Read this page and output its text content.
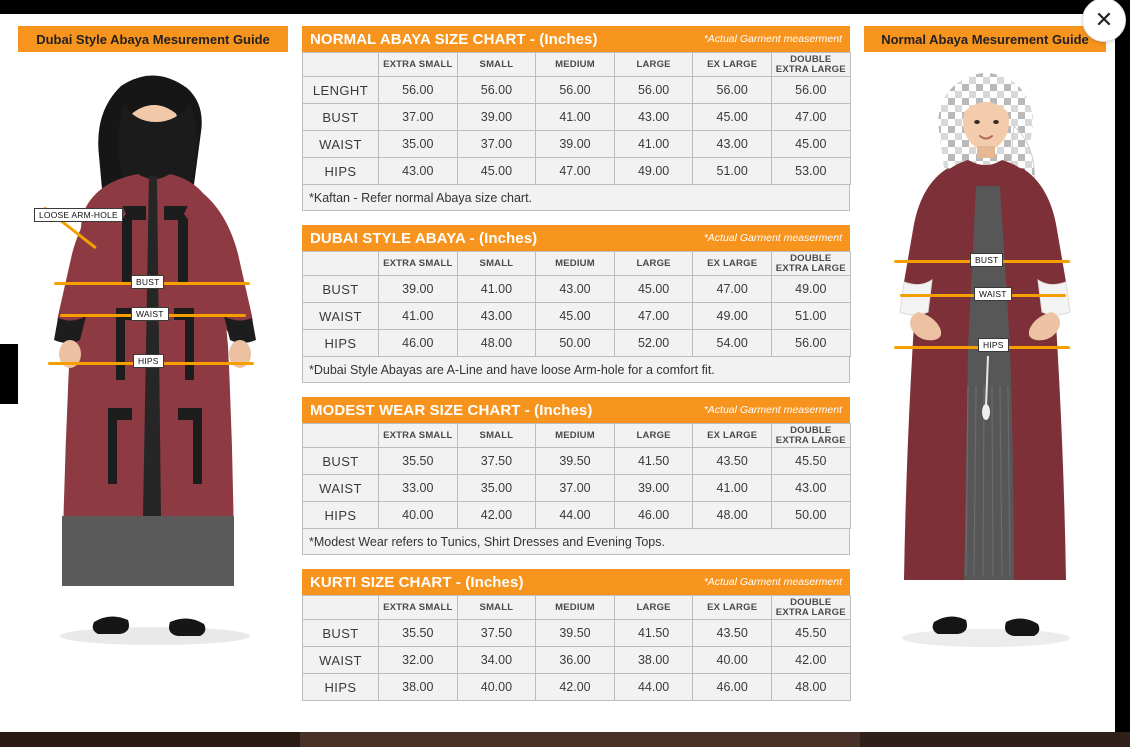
Dubai Style Abaya Mesurement Guide
LOOSE ARM-HOLE
BUST
WAIST
HIPS
NORMAL ABAYA SIZE CHART - (Inches)	*Actual Garment measerment
	EXTRA SMALL	SMALL	MEDIUM	LARGE	EX LARGE	DOUBLE
EXTRA LARGE

LENGHT	56.00	56.00	56.00	56.00	56.00	56.00
BUST	37.00	39.00	41.00	43.00	45.00	47.00
WAIST	35.00	37.00	39.00	41.00	43.00	45.00
HIPS	43.00	45.00	47.00	49.00	51.00	53.00
*Kaftan - Refer normal Abaya size chart.
DUBAI STYLE ABAYA - (Inches)	*Actual Garment measerment
	EXTRA SMALL	SMALL	MEDIUM	LARGE	EX LARGE	DOUBLE
EXTRA LARGE

BUST	39.00	41.00	43.00	45.00	47.00	49.00
WAIST	41.00	43.00	45.00	47.00	49.00	51.00
HIPS	46.00	48.00	50.00	52.00	54.00	56.00
*Dubai Style Abayas are A-Line and have loose Arm-hole for a comfort fit.
MODEST WEAR SIZE CHART - (Inches)	*Actual Garment measerment
	EXTRA SMALL	SMALL	MEDIUM	LARGE	EX LARGE	DOUBLE
EXTRA LARGE

BUST	35.50	37.50	39.50	41.50	43.50	45.50
WAIST	33.00	35.00	37.00	39.00	41.00	43.00
HIPS	40.00	42.00	44.00	46.00	48.00	50.00
*Modest Wear refers to Tunics, Shirt Dresses and Evening Tops.
KURTI SIZE CHART - (Inches)	*Actual Garment measerment
	EXTRA SMALL	SMALL	MEDIUM	LARGE	EX LARGE	DOUBLE
EXTRA LARGE

BUST	35.50	37.50	39.50	41.50	43.50	45.50
WAIST	32.00	34.00	36.00	38.00	40.00	42.00
HIPS	38.00	40.00	42.00	44.00	46.00	48.00
Normal Abaya Mesurement Guide
BUST
WAIST
HIPS
✕
